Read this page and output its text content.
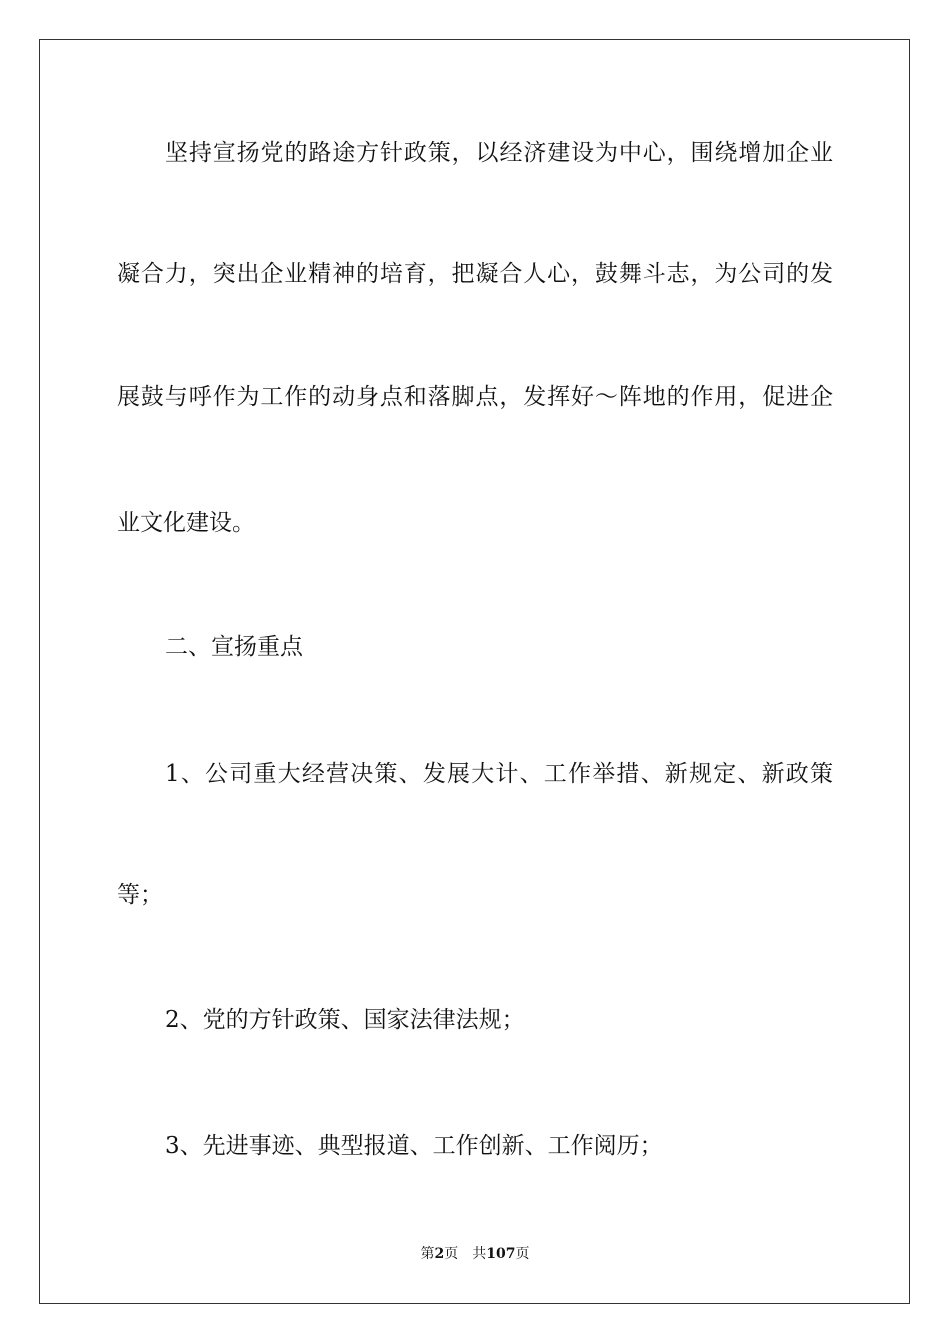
坚持宣扬党的路途方针政策，以经济建设为中心，围绕增加企业
凝合力，突出企业精神的培育，把凝合人心，鼓舞斗志，为公司的发
展鼓与呼作为工作的动身点和落脚点，发挥好～阵地的作用，促进企
业文化建设。
二、宣扬重点
1、公司重大经营决策、发展大计、工作举措、新规定、新政策
等；
2、党的方针政策、国家法律法规；
3、先进事迹、典型报道、工作创新、工作阅历；
第2页 共107页
